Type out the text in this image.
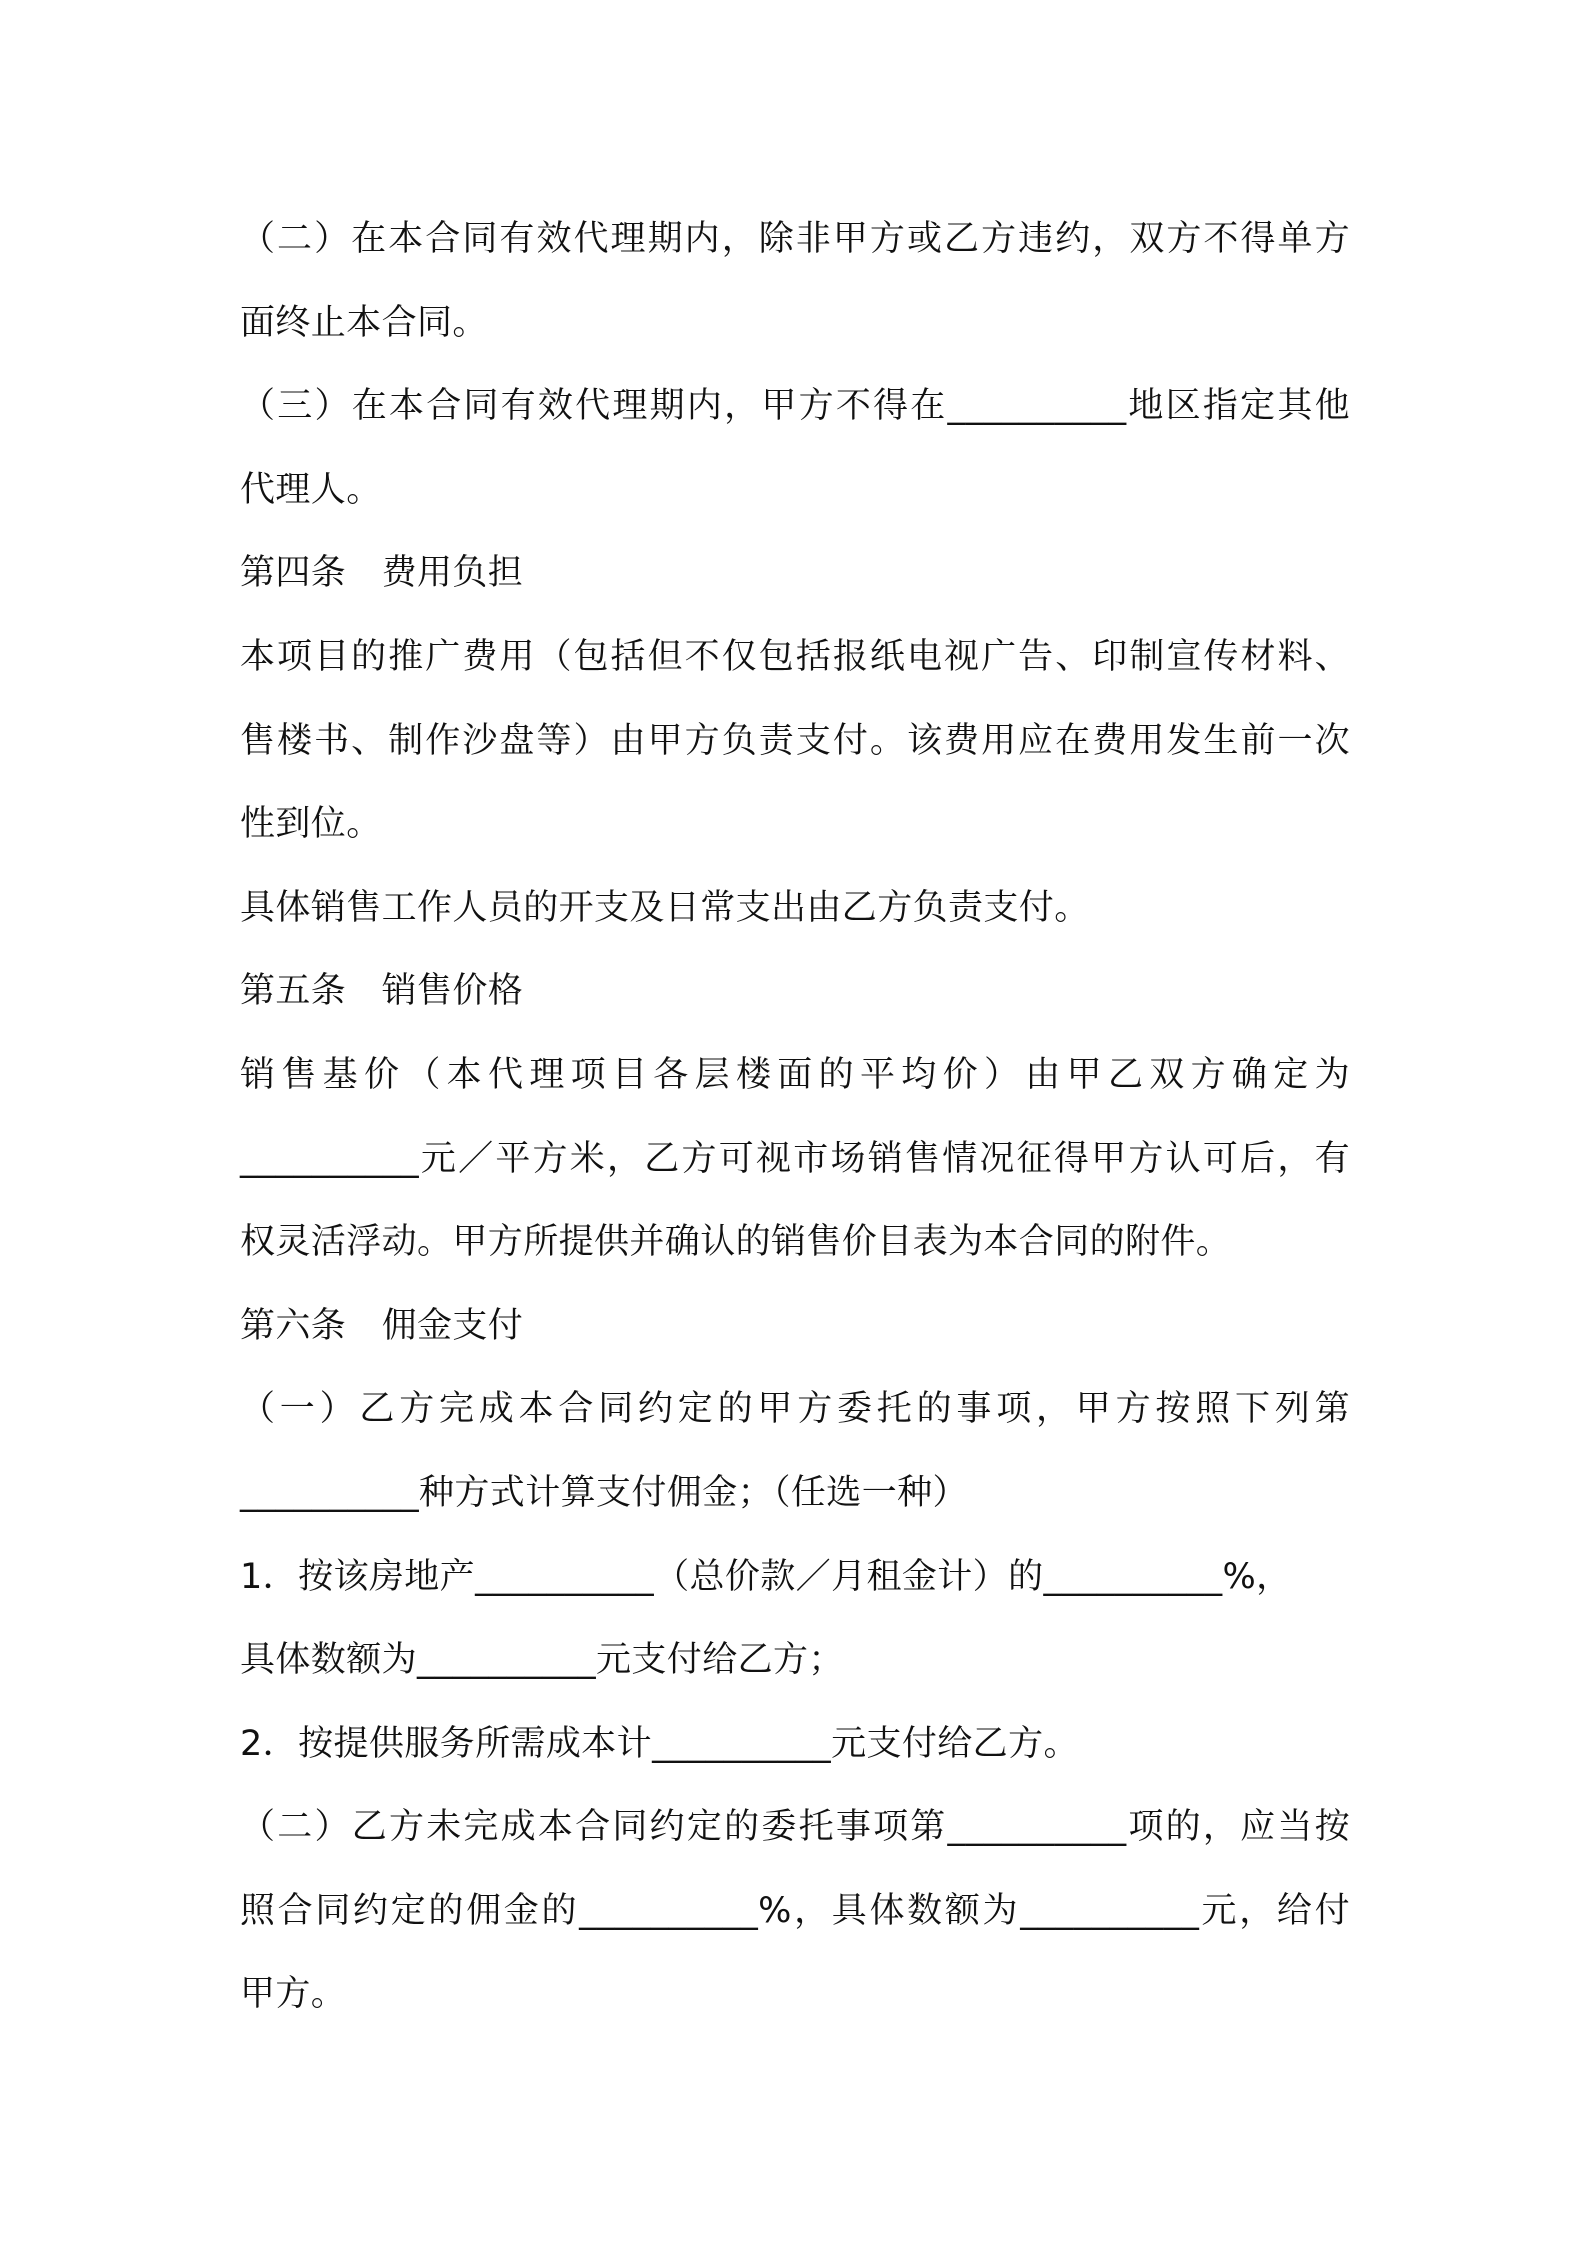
（二）在本合同有效代理期内，除非甲方或乙方违约，双方不得单方
面终止本合同。
（三）在本合同有效代理期内，甲方不得在__________地区指定其他
代理人。
第四条　费用负担
本项目的推广费用（包括但不仅包括报纸电视广告、印制宣传材料、
售楼书、制作沙盘等）由甲方负责支付。该费用应在费用发生前一次
性到位。
具体销售工作人员的开支及日常支出由乙方负责支付。
第五条　销售价格
销售基价（本代理项目各层楼面的平均价）由甲乙双方确定为
__________元／平方米，乙方可视市场销售情况征得甲方认可后，有
权灵活浮动。甲方所提供并确认的销售价目表为本合同的附件。
第六条　佣金支付
（一）乙方完成本合同约定的甲方委托的事项，甲方按照下列第
__________种方式计算支付佣金；（任选一种）
1．按该房地产__________（总价款／月租金计）的__________%，
具体数额为__________元支付给乙方；
2．按提供服务所需成本计__________元支付给乙方。
（二）乙方未完成本合同约定的委托事项第__________项的，应当按
照合同约定的佣金的__________%，具体数额为__________元，给付
甲方。
